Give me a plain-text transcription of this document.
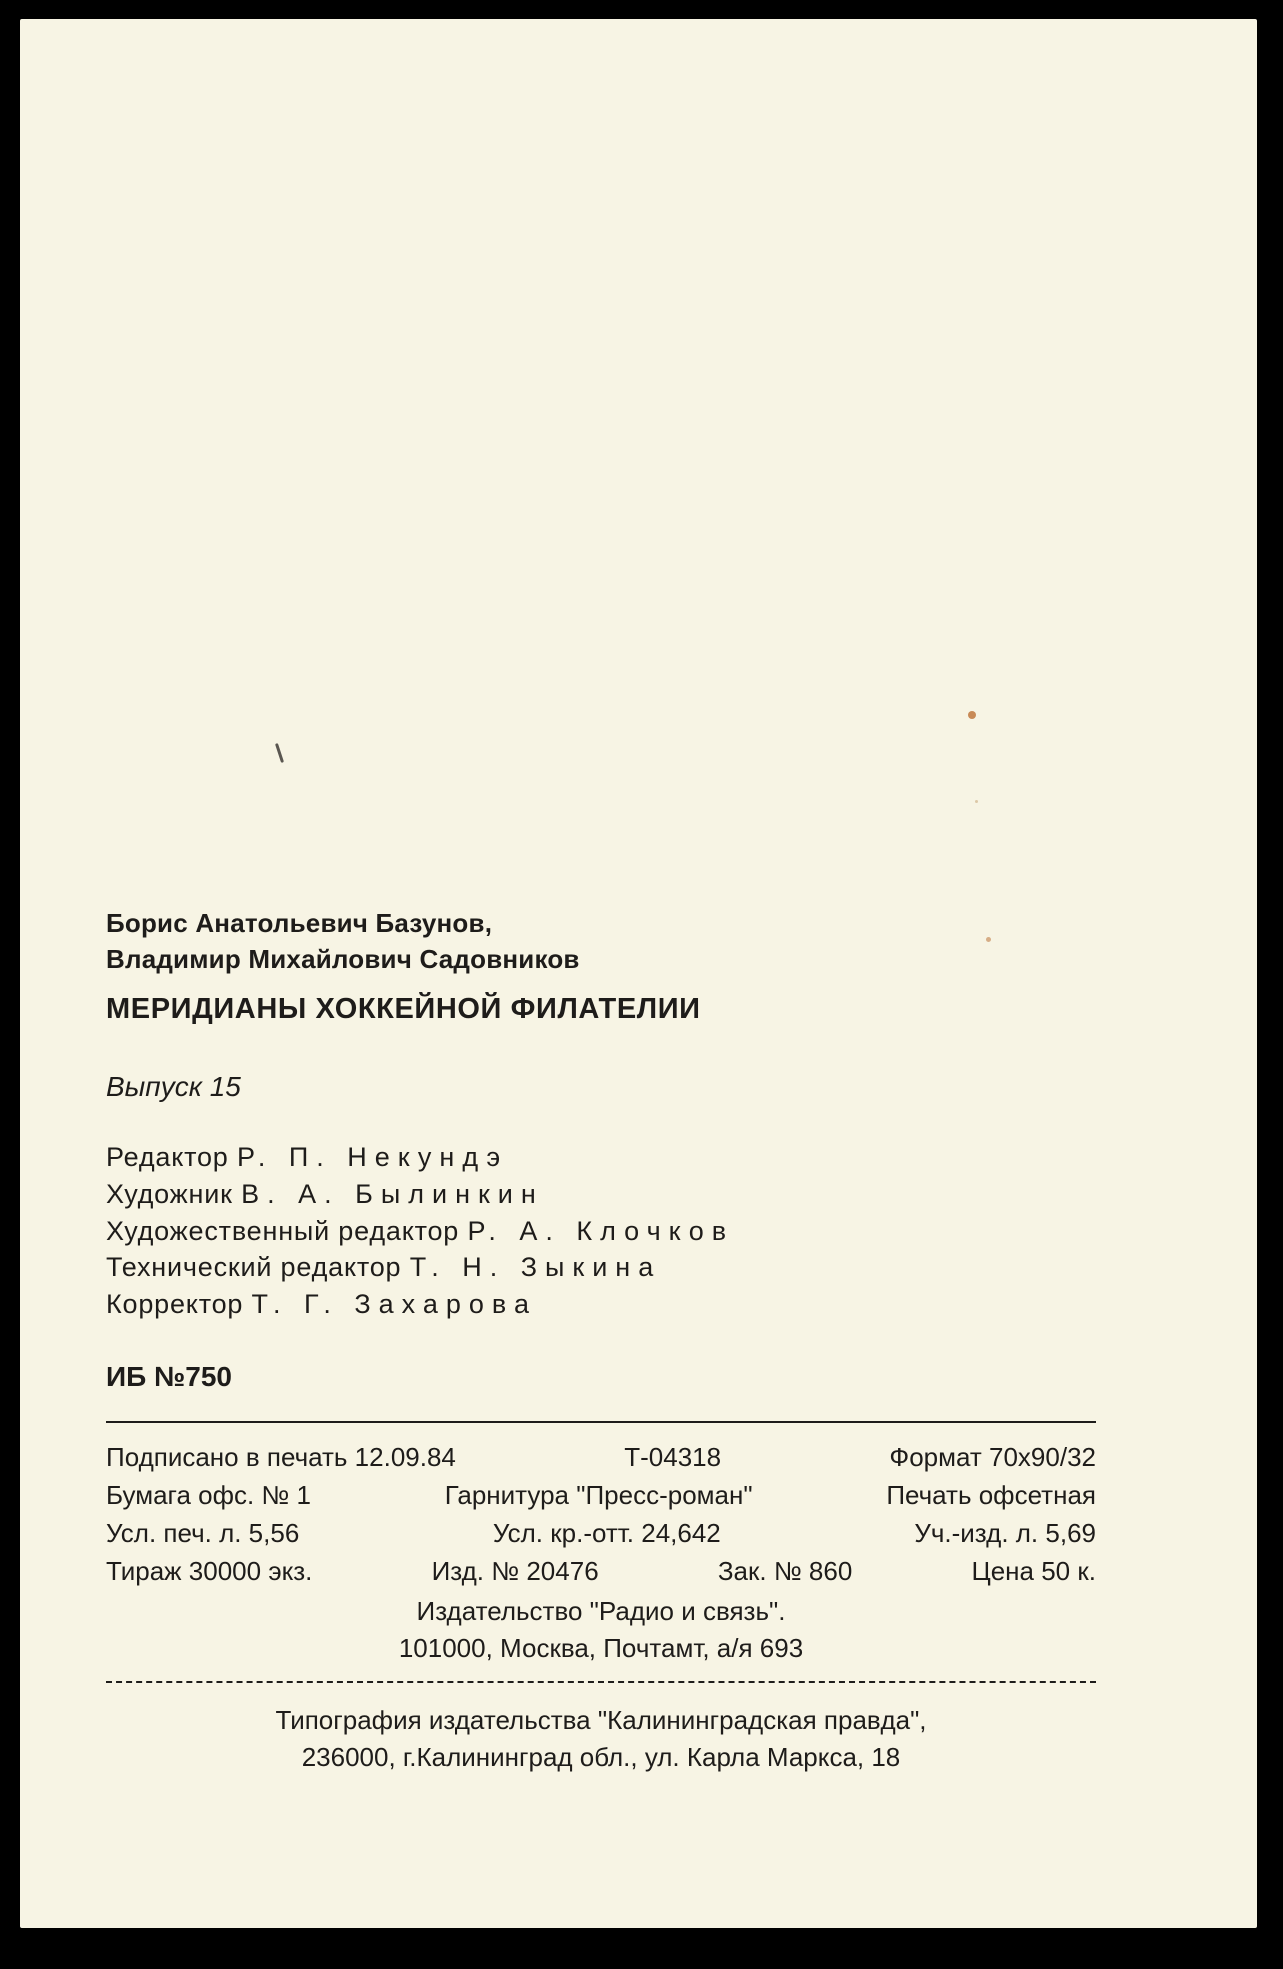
Борис Анатольевич Базунов,
Владимир Михайлович Садовников
МЕРИДИАНЫ ХОККЕЙНОЙ ФИЛАТЕЛИИ
Выпуск 15
Редактор Р. П. Некундэ
Художник В. А. Былинкин
Художественный редактор Р. А. Клочков
Технический редактор Т. Н. Зыкина
Корректор Т. Г. Захарова
ИБ №750
Подписано в печать 12.09.84	Т-04318	Формат 70х90/32
Бумага офс. № 1	Гарнитура "Пресс-роман"	Печать офсетная
Усл. печ. л. 5,56	Усл. кр.-отт. 24,642	Уч.-изд. л. 5,69
Тираж 30000 экз.	Изд. № 20476	Зак. № 860	Цена 50 к.
Издательство "Радио и связь".
101000, Москва, Почтамт, а/я 693
Типография издательства "Калининградская правда",
236000, г.Калининград обл., ул. Карла Маркса, 18
